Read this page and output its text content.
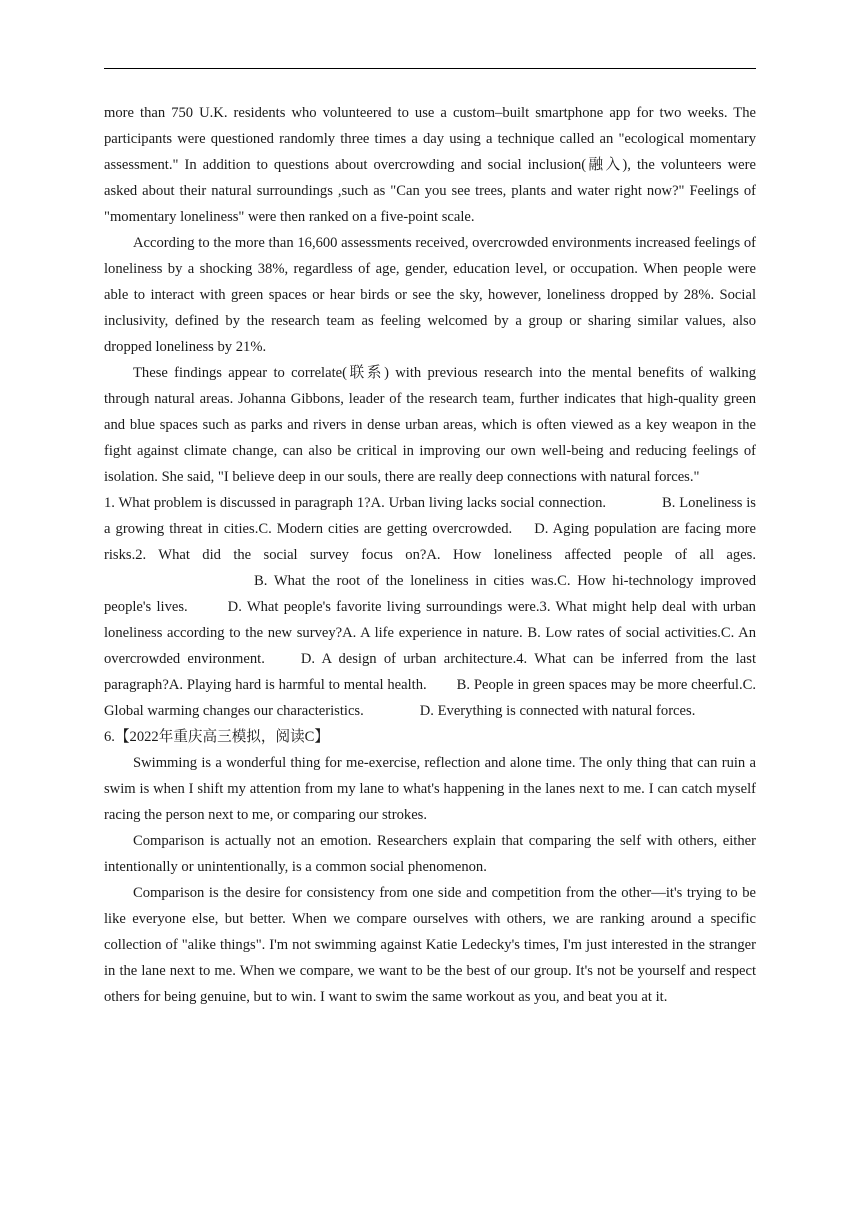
more than 750 U.K. residents who volunteered to use a custom–built smartphone app for two weeks. The participants were questioned randomly three times a day using a technique called an "ecological momentary assessment." In addition to questions about overcrowding and social inclusion(融入), the volunteers were asked about their natural surroundings ,such as "Can you see trees, plants and water right now?" Feelings of "momentary loneliness" were then ranked on a five-point scale.

According to the more than 16,600 assessments received, overcrowded environments increased feelings of loneliness by a shocking 38%, regardless of age, gender, education level, or occupation. When people were able to interact with green spaces or hear birds or see the sky, however, loneliness dropped by 28%. Social inclusivity, defined by the research team as feeling welcomed by a group or sharing similar values, also dropped loneliness by 21%.

These findings appear to correlate(联系) with previous research into the mental benefits of walking through natural areas. Johanna Gibbons, leader of the research team, further indicates that high-quality green and blue spaces such as parks and rivers in dense urban areas, which is often viewed as a key weapon in the fight against climate change, can also be critical in improving our own well-being and reducing feelings of isolation. She said, "I believe deep in our souls, there are really deep connections with natural forces."

1. What problem is discussed in paragraph 1?A. Urban living lacks social connection.	B. Loneliness is a growing threat in cities.C. Modern cities are getting overcrowded. D. Aging population are facing more risks.2. What did the social survey focus on?A. How loneliness affected people of all ages.B. What the root of the loneliness in cities was.C. How hi-technology improved people's lives.	D. What people's favorite living surroundings were.3. What might help deal with urban loneliness according to the new survey?A. A life experience in nature. B. Low rates of social activities.C. An overcrowded environment. D. A design of urban architecture.4. What can be inferred from the last paragraph?A. Playing hard is harmful to mental health. B. People in green spaces may be more cheerful.C. Global warming changes our characteristics.	D. Everything is connected with natural forces.

6.【2022年重庆高三模拟，阅读C】

Swimming is a wonderful thing for me-exercise, reflection and alone time. The only thing that can ruin a swim is when I shift my attention from my lane to what's happening in the lanes next to me. I can catch myself racing the person next to me, or comparing our strokes.

Comparison is actually not an emotion. Researchers explain that comparing the self with others, either intentionally or unintentionally, is a common social phenomenon.

Comparison is the desire for consistency from one side and competition from the other—it's trying to be like everyone else, but better. When we compare ourselves with others, we are ranking around a specific collection of "alike things". I'm not swimming against Katie Ledecky's times, I'm just interested in the stranger in the lane next to me. When we compare, we want to be the best of our group. It's not be yourself and respect others for being genuine, but to win. I want to swim the same workout as you, and beat you at it.
